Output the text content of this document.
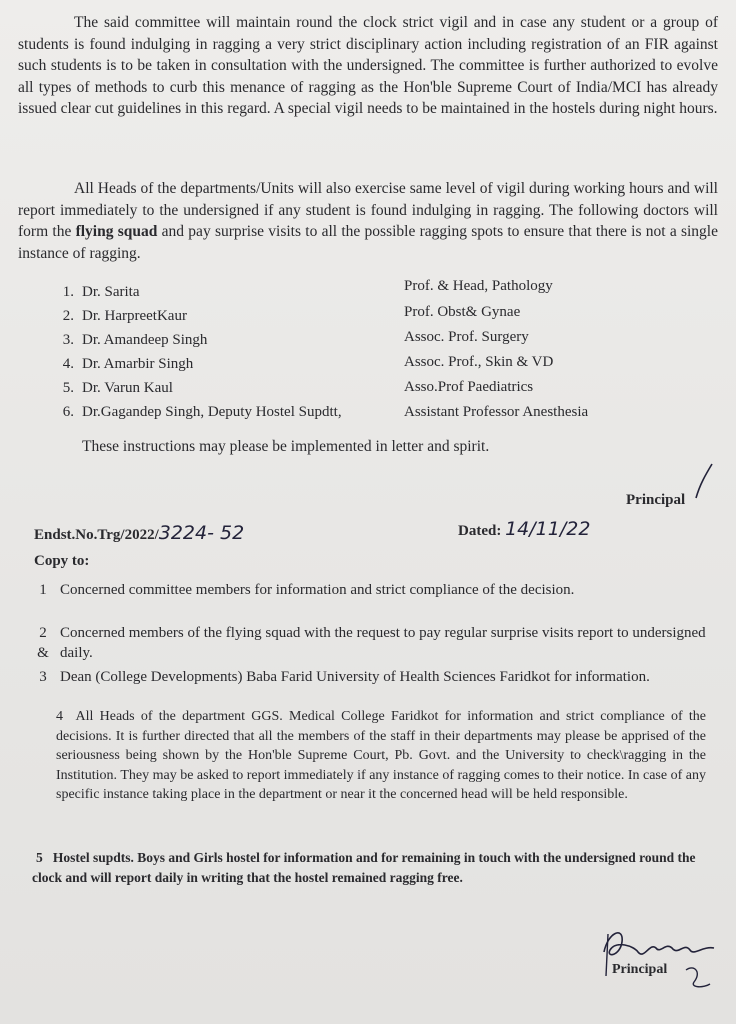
The said committee will maintain round the clock strict vigil and in case any student or a group of students is found indulging in ragging a very strict disciplinary action including registration of an FIR against such students is to be taken in consultation with the undersigned. The committee is further authorized to evolve all types of methods to curb this menance of ragging as the Hon'ble Supreme Court of India/MCI has already issued clear cut guidelines in this regard. A special vigil needs to be maintained in the hostels during night hours.
All Heads of the departments/Units will also exercise same level of vigil during working hours and will report immediately to the undersigned if any student is found indulging in ragging. The following doctors will form the flying squad and pay surprise visits to all the possible ragging spots to ensure that there is not a single instance of ragging.
1. Dr. Sarita	Prof. & Head, Pathology
2. Dr. HarpreetKaur	Prof. Obst& Gynae
3. Dr. Amandeep Singh	Assoc. Prof. Surgery
4. Dr. Amarbir Singh	Assoc. Prof., Skin & VD
5. Dr. Varun Kaul	Asso.Prof Paediatrics
6. Dr.Gagandep Singh, Deputy Hostel Supdtt,	Assistant Professor Anesthesia
These instructions may please be implemented in letter and spirit.
Principal
Endst.No.Trg/2022/3224- 52	Dated: 14/11/22
Copy to:
1 Concerned committee members for information and strict compliance of the decision.
2
&
Concerned members of the flying squad with the request to pay regular surprise visits report to undersigned daily.
3 Dean (College Developments) Baba Farid University of Health Sciences Faridkot for information.
4 All Heads of the department GGS. Medical College Faridkot for information and strict compliance of the decisions. It is further directed that all the members of the staff in their departments may please be apprised of the seriousness being shown by the Hon'ble Supreme Court, Pb. Govt. and the University to check\ragging in the Institution. They may be asked to report immediately if any instance of ragging comes to their notice. In case of any specific instance taking place in the department or near it the concerned head will be held responsible.
5 Hostel supdts. Boys and Girls hostel for information and for remaining in touch with the undersigned round the clock and will report daily in writing that the hostel remained ragging free.
Principal
